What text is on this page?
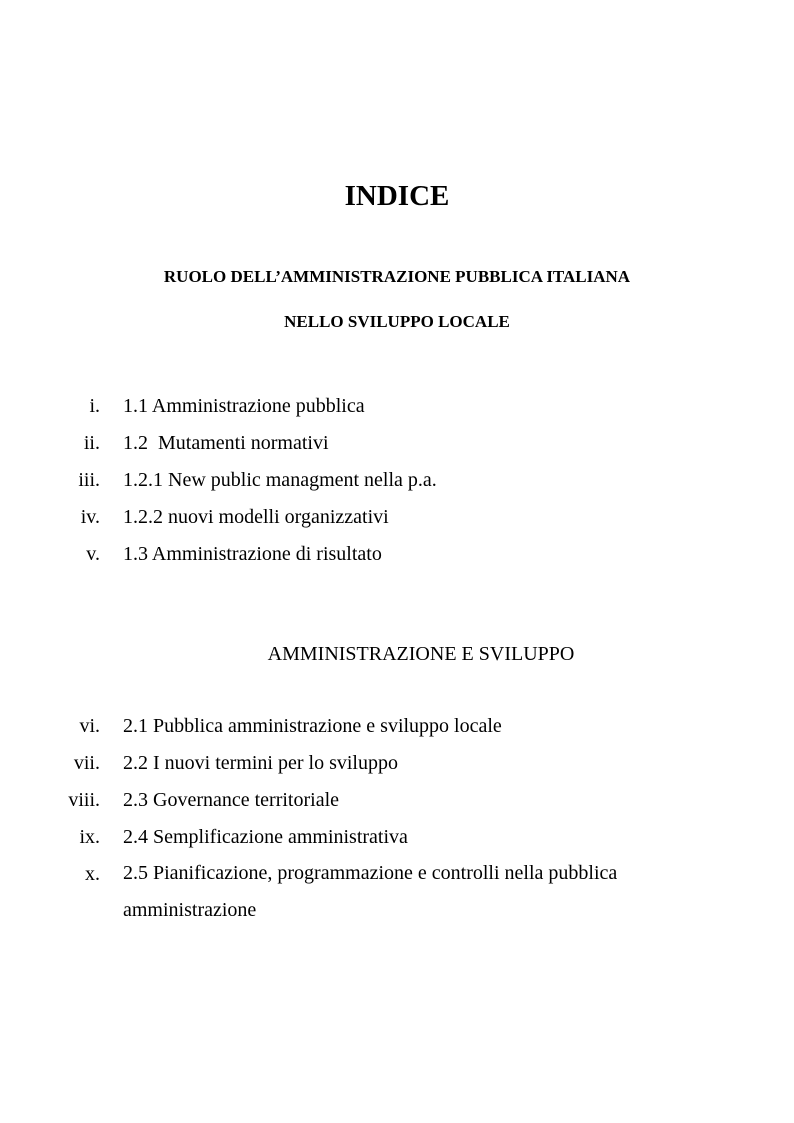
INDICE
RUOLO DELL’AMMINISTRAZIONE PUBBLICA ITALIANA
NELLO SVILUPPO LOCALE
i. 1.1 Amministrazione pubblica
ii. 1.2  Mutamenti normativi
iii. 1.2.1 New public managment nella p.a.
iv. 1.2.2 nuovi modelli organizzativi
v. 1.3 Amministrazione di risultato
AMMINISTRAZIONE E SVILUPPO
vi. 2.1 Pubblica amministrazione e sviluppo locale
vii. 2.2 I nuovi termini per lo sviluppo
viii. 2.3 Governance territoriale
ix. 2.4 Semplificazione amministrativa
x. 2.5 Pianificazione, programmazione e controlli nella pubblica amministrazione
